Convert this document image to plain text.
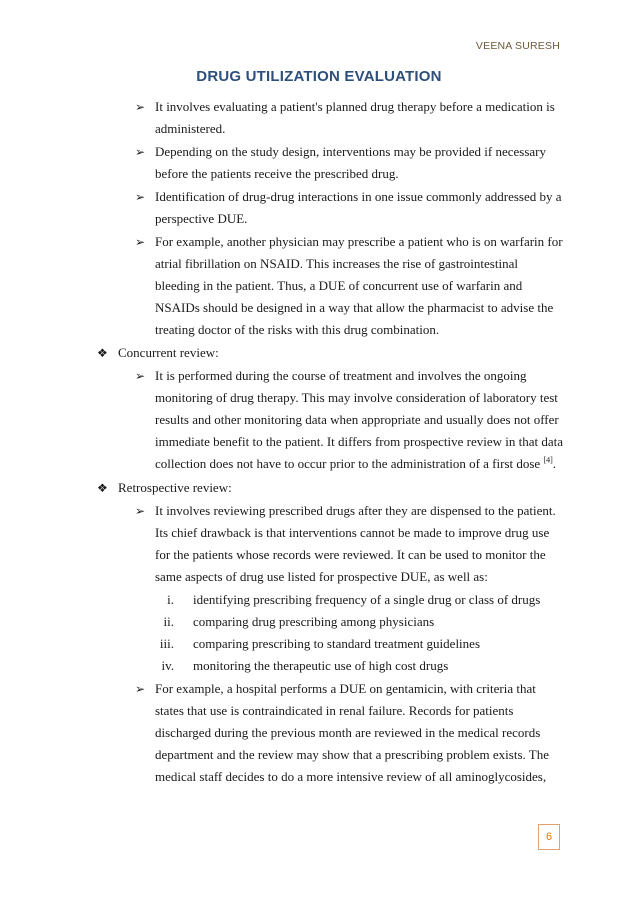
VEENA SURESH
DRUG UTILIZATION EVALUATION
➢ It involves evaluating a patient's planned drug therapy before a medication is
administered.
➢ Depending on the study design, interventions may be provided if necessary
before the patients receive the prescribed drug.
➢ Identification of drug-drug interactions in one issue commonly addressed by a
perspective DUE.
➢ For example, another physician may prescribe a patient who is on warfarin for
atrial fibrillation on NSAID. This increases the rise of gastrointestinal
bleeding in the patient. Thus, a DUE of concurrent use of warfarin and
NSAIDs should be designed in a way that allow the pharmacist to advise the
treating doctor of the risks with this drug combination.
❖ Concurrent review:
➢ It is performed during the course of treatment and involves the ongoing
monitoring of drug therapy. This may involve consideration of laboratory test
results and other monitoring data when appropriate and usually does not offer
immediate benefit to the patient. It differs from prospective review in that data
collection does not have to occur prior to the administration of a first dose [4].
❖ Retrospective review:
➢ It involves reviewing prescribed drugs after they are dispensed to the patient.
Its chief drawback is that interventions cannot be made to improve drug use
for the patients whose records were reviewed. It can be used to monitor the
same aspects of drug use listed for prospective DUE, as well as:
i. identifying prescribing frequency of a single drug or class of drugs
ii. comparing drug prescribing among physicians
iii. comparing prescribing to standard treatment guidelines
iv. monitoring the therapeutic use of high cost drugs
➢ For example, a hospital performs a DUE on gentamicin, with criteria that
states that use is contraindicated in renal failure. Records for patients
discharged during the previous month are reviewed in the medical records
department and the review may show that a prescribing problem exists. The
medical staff decides to do a more intensive review of all aminoglycosides,
6
